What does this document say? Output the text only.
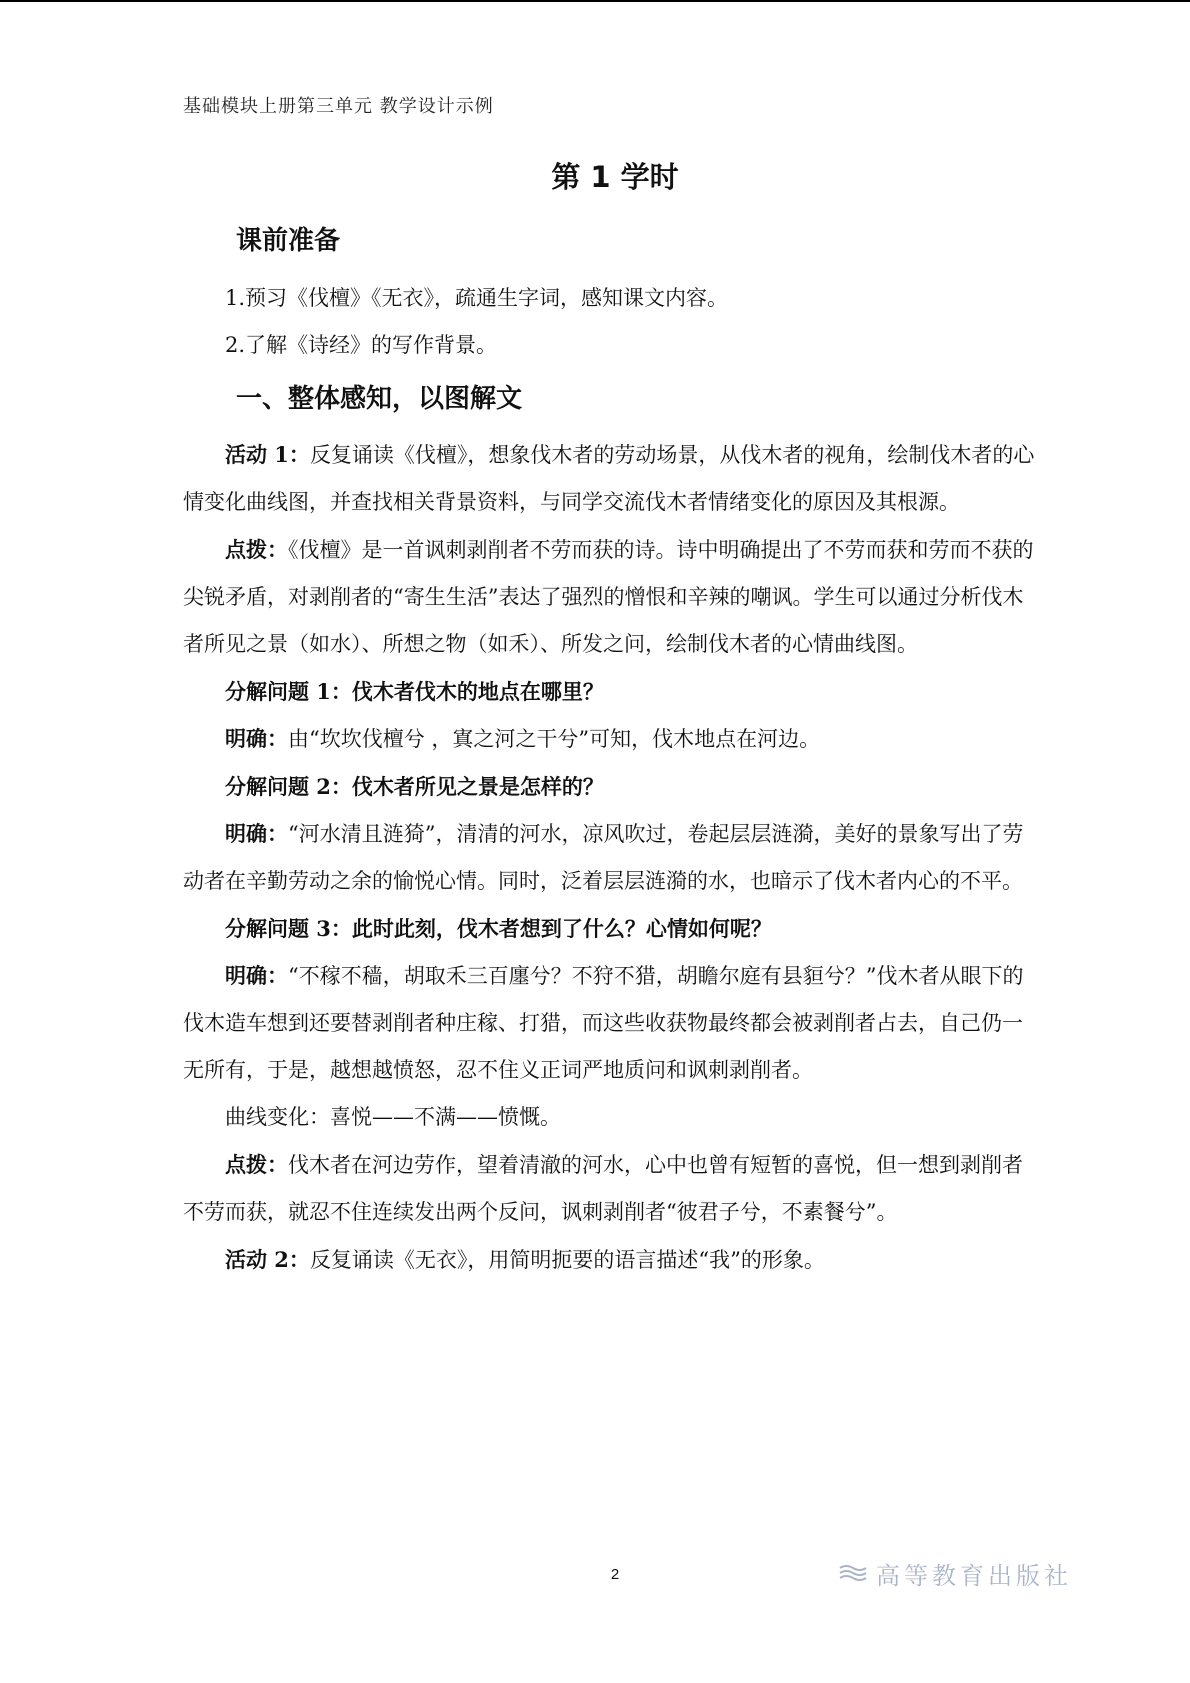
基础模块上册第三单元 教学设计示例
第 1 学时
课前准备

1.预习《伐檀》《无衣》，疏通生字词，感知课文内容。

2.了解《诗经》的写作背景。

一、整体感知，以图解文

活动 1：反复诵读《伐檀》，想象伐木者的劳动场景，从伐木者的视角，绘制伐木者的心情变化曲线图，并查找相关背景资料，与同学交流伐木者情绪变化的原因及其根源。

点拨：《伐檀》是一首讽刺剥削者不劳而获的诗。诗中明确提出了不劳而获和劳而不获的尖锐矛盾，对剥削者的“寄生生活”表达了强烈的憎恨和辛辣的嘲讽。学生可以通过分析伐木者所见之景（如水）、所想之物（如禾）、所发之问，绘制伐木者的心情曲线图。

分解问题 1：伐木者伐木的地点在哪里？

明确：由“坎坎伐檀兮 ，寘之河之干兮”可知，伐木地点在河边。

分解问题 2：伐木者所见之景是怎样的？

明确：“河水清且涟猗”，清清的河水，凉风吹过，卷起层层涟漪，美好的景象写出了劳动者在辛勤劳动之余的愉悦心情。同时，泛着层层涟漪的水，也暗示了伐木者内心的不平。

分解问题 3：此时此刻，伐木者想到了什么？心情如何呢？

明确：“不稼不穑，胡取禾三百廛兮？不狩不猎，胡瞻尔庭有县貆兮？”伐木者从眼下的伐木造车想到还要替剥削者种庄稼、打猎，而这些收获物最终都会被剥削者占去，自己仍一无所有，于是，越想越愤怒，忍不住义正词严地质问和讽刺剥削者。

曲线变化：喜悦——不满——愤慨。

点拨：伐木者在河边劳作，望着清澈的河水，心中也曾有短暂的喜悦，但一想到剥削者不劳而获，就忍不住连续发出两个反问，讽刺剥削者“彼君子兮，不素餐兮”。

活动 2：反复诵读《无衣》，用简明扼要的语言描述“我”的形象。

2	高等教育出版社
